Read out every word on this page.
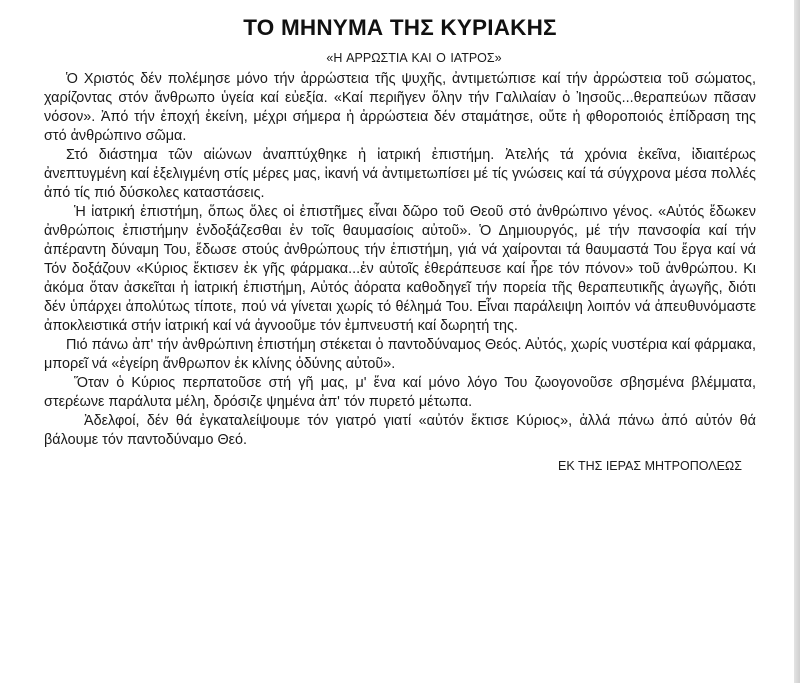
ΤΟ ΜΗΝΥΜΑ ΤΗΣ ΚΥΡΙΑΚΗΣ
«Η ΑΡΡΩΣΤΙΑ ΚΑΙ Ο ΙΑΤΡΟΣ»

Ὁ Χριστός δέν πολέμησε μόνο τήν ἀρρώστεια τῆς ψυχῆς, ἀντιμετώπισε καί τήν ἀρρώστεια τοῦ σώματος, χαρίζοντας στόν ἄνθρωπο ὑγεία καί εὐεξία. «Καί περιῆγεν ὅλην τήν Γαλιλαίαν ὁ Ἰησοῦς...θεραπεύων πᾶσαν νόσον». Ἀπό τήν ἐποχή ἐκείνη, μέχρι σήμερα ἡ ἀρρώστεια δέν σταμάτησε, οὔτε ἡ φθοροποιός ἐπίδραση της στό ἀνθρώπινο σῶμα.

Στό διάστημα τῶν αἰώνων ἀναπτύχθηκε ἡ ἰατρική ἐπιστήμη. Ἀτελής τά χρόνια ἐκεῖνα, ἰδιαιτέρως ἀνεπτυγμένη καί ἐξελιγμένη στίς μέρες μας, ἱκανή νά ἀντιμετωπίσει μέ τίς γνώσεις καί τά σύγχρονα μέσα πολλές ἀπό τίς πιό δύσκολες καταστάσεις.

Ἡ ἰατρική ἐπιστήμη, ὅπως ὅλες οἱ ἐπιστῆμες εἶναι δῶρο τοῦ Θεοῦ στό ἀνθρώπινο γένος. «Αὐτός ἔδωκεν ἀνθρώποις ἐπιστήμην ἐνδοξάζεσθαι ἐν τοῖς θαυμασίοις αὐτοῦ». Ὁ Δημιουργός, μέ τήν πανσοφία καί τήν ἀπέραντη δύναμη Του, ἔδωσε στούς ἀνθρώπους τήν ἐπιστήμη, γιά νά χαίρονται τά θαυμαστά Του ἔργα καί νά Τόν δοξάζουν «Κύριος ἔκτισεν ἐκ γῆς φάρμακα...ἐν αὐτοῖς ἐθεράπευσε καί ἦρε τόν πόνον» τοῦ ἀνθρώπου. Κι ἀκόμα ὅταν ἀσκεῖται ἡ ἰατρική ἐπιστήμη, Αὐτός ἀόρατα καθοδηγεῖ τήν πορεία τῆς θεραπευτικῆς ἀγωγῆς, διότι δέν ὑπάρχει ἀπολύτως τίποτε, πού νά γίνεται χωρίς τό θέλημά Του. Εἶναι παράλειψη λοιπόν νά ἀπευθυνόμαστε ἀποκλειστικά στήν ἰατρική καί νά ἀγνοοῦμε τόν ἐμπνευστή καί δωρητή της.

Πιό πάνω ἀπ' τήν ἀνθρώπινη ἐπιστήμη στέκεται ὁ παντοδύναμος Θεός. Αὐτός, χωρίς νυστέρια καί φάρμακα, μπορεῖ νά «ἐγείρη ἄνθρωπον ἐκ κλίνης ὀδύνης αὐτοῦ».

Ὅταν ὁ Κύριος περπατοῦσε στή γῆ μας, μ' ἕνα καί μόνο λόγο Του ζωογονοῦσε σβησμένα βλέμματα, στερέωνε παράλυτα μέλη, δρόσιζε ψημένα ἀπ' τόν πυρετό μέτωπα.

Ἀδελφοί, δέν θά ἐγκαταλείψουμε τόν γιατρό γιατί «αὐτόν ἔκτισε Κύριος», ἀλλά πάνω ἀπό αὐτόν θά βάλουμε τόν παντοδύναμο Θεό.

ΕΚ ΤΗΣ ΙΕΡΑΣ ΜΗΤΡΟΠΟΛΕΩΣ
